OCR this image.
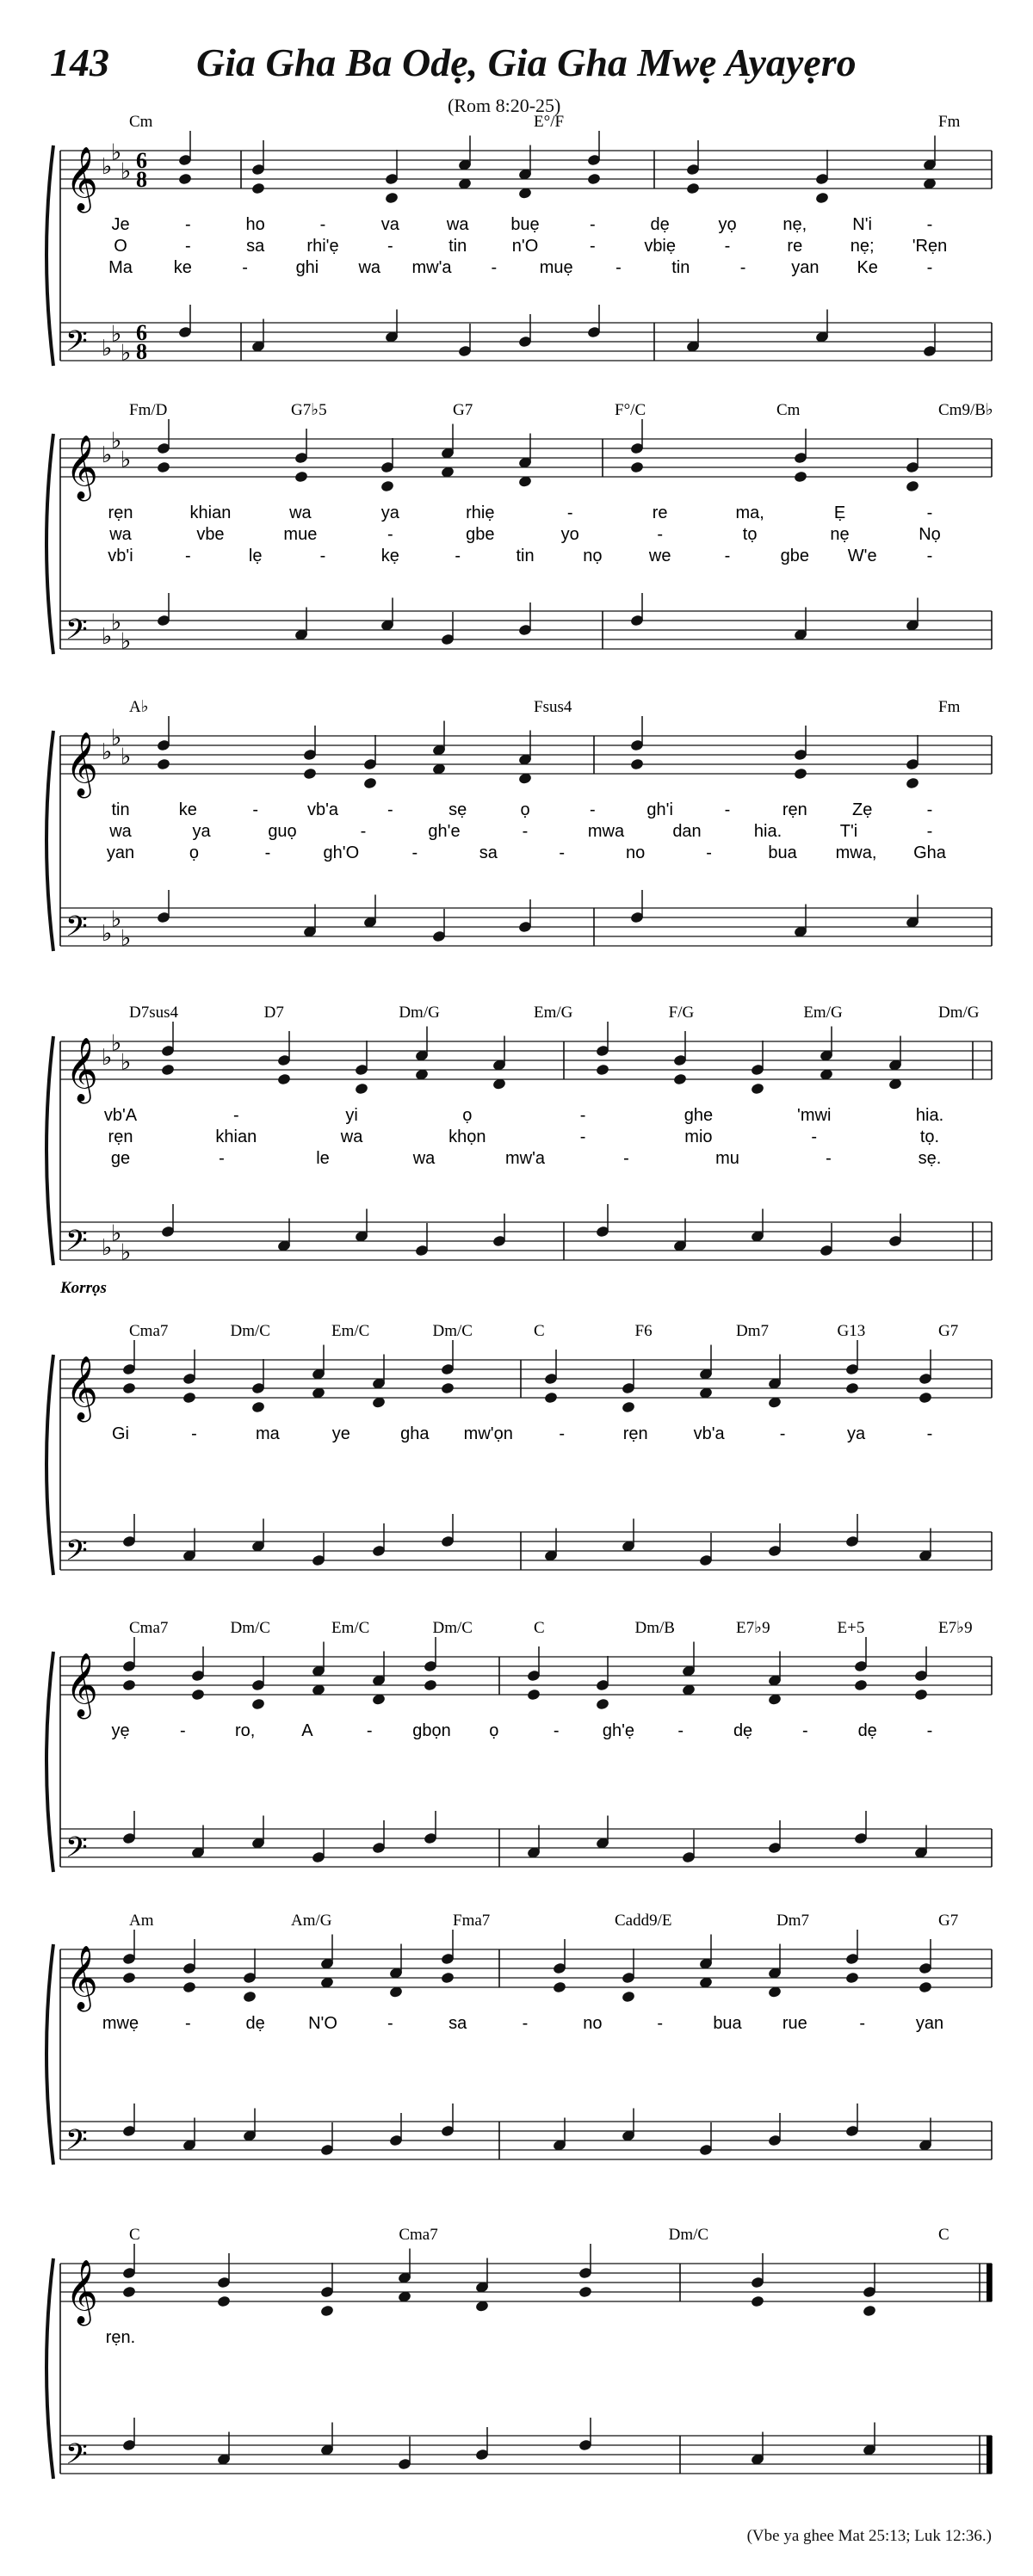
143 Gia Gha Ba Odẹ, Gia Gha Mwẹ Ayayẹro
(Rom 8:20-25)
𝄞
𝄢
♭
♭
♭
♭
♭
♭
6
8
6
8
Cm	E°/F	Fm
Je	-	ho	-	va	wa buẹ	-	dẹ	yọ	nẹ,	N'i	-
O	-	sa rhi'ẹ	-	tin	n'O	-	vbiẹ	-	re	nẹ; 'Rẹn
Ma ke	-	ghi wa mw'a - muẹ -	tin	-	yan Ke	-
𝄞
𝄢
♭
♭
♭
♭
♭
♭
Fm/D	G7♭5	G7	F°/C	Cm	Cm9/B♭
rẹn	khian	wa	ya	rhiẹ	-	re	ma,	Ẹ	-
wa	vbe	mue	-	gbe	yo	-	tọ	nẹ	Nọ
vb'i	-	lẹ	-	kẹ	-	tin	nọ	we	-	gbe W'e	-
𝄞
𝄢
♭
♭
♭
♭
♭
♭
A♭	Fsus4	Fm
tin	ke	-	vb'a	-	sẹ	ọ	-	gh'i	-	rẹn	Zẹ	-
wa	ya	guọ	-	gh'e	-	mwa	dan	hia.	T'i	-
yan	ọ	-	gh'O	-	sa	-	no	-	bua mwa, Gha
𝄞
𝄢
♭
♭
♭
♭
♭
♭
D7sus4	D7	Dm/G	Em/G	F/G	Em/G	Dm/G
vb'A	-	yi	ọ	-	ghe	'mwi	hia.
rẹn	khian	wa	khọn	-	mio	-	tọ.
ge	-	le	wa	mw'a	-	mu	-	sẹ.
𝄞
𝄢
Korrọs
Cma7	Dm/C	Em/C	Dm/C	C	F6	Dm7	G13	G7
Gi	-	ma	ye	gha mw'ọn	-	rẹn	vb'a	-	ya	-
𝄞
𝄢
Cma7	Dm/C	Em/C	Dm/C	C	Dm/B	E7♭9	E+5	E7♭9
yẹ	-	ro,	A	- gbọn ọ	-	gh'ẹ	-	dẹ	-	dẹ	-
𝄞
𝄢
Am	Am/G	Fma7	Cadd9/E	Dm7	G7
mwẹ	-	dẹ	N'O	-	sa	-	no	-	bua rue	-	yan
𝄞
𝄢
C	Cma7	Dm/C	C
rẹn.
(Vbe ya ghee Mat 25:13; Luk 12:36.)
